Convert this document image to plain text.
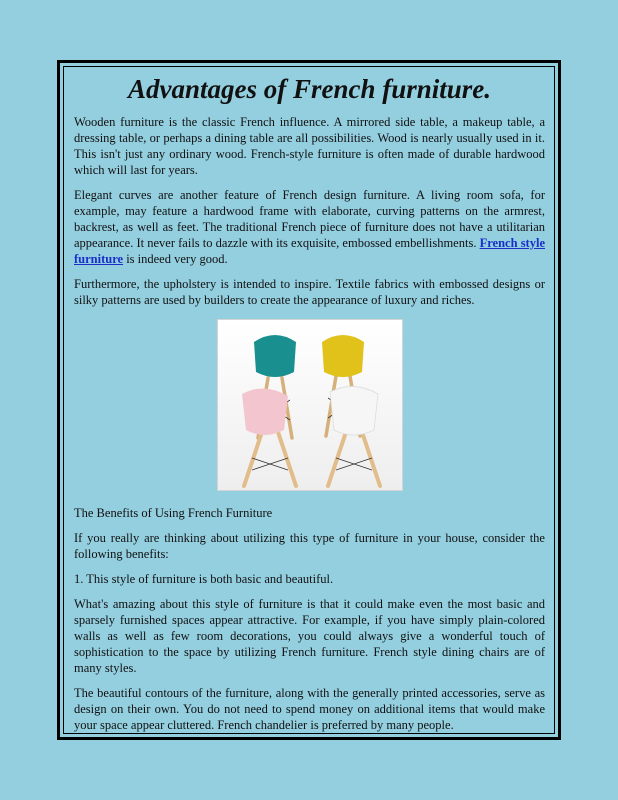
Advantages of French furniture.

Wooden furniture is the classic French influence. A mirrored side table, a makeup table, a dressing table, or perhaps a dining table are all possibilities. Wood is nearly usually used in it. This isn't just any ordinary wood. French-style furniture is often made of durable hardwood which will last for years.

Elegant curves are another feature of French design furniture. A living room sofa, for example, may feature a hardwood frame with elaborate, curving patterns on the armrest, backrest, as well as feet. The traditional French piece of furniture does not have a utilitarian appearance. It never fails to dazzle with its exquisite, embossed embellishments. French style furniture is indeed very good.

Furthermore, the upholstery is intended to inspire. Textile fabrics with embossed designs or silky patterns are used by builders to create the appearance of luxury and riches.

The Benefits of Using French Furniture

If you really are thinking about utilizing this type of furniture in your house, consider the following benefits:

1. This style of furniture is both basic and beautiful.

What's amazing about this style of furniture is that it could make even the most basic and sparsely furnished spaces appear attractive. For example, if you have simply plain-colored walls as well as few room decorations, you could always give a wonderful touch of sophistication to the space by utilizing French furniture. French style dining chairs are of many styles.

The beautiful contours of the furniture, along with the generally printed accessories, serve as design on their own. You do not need to spend money on additional items that would make your space appear cluttered. French chandelier is preferred by many people.
